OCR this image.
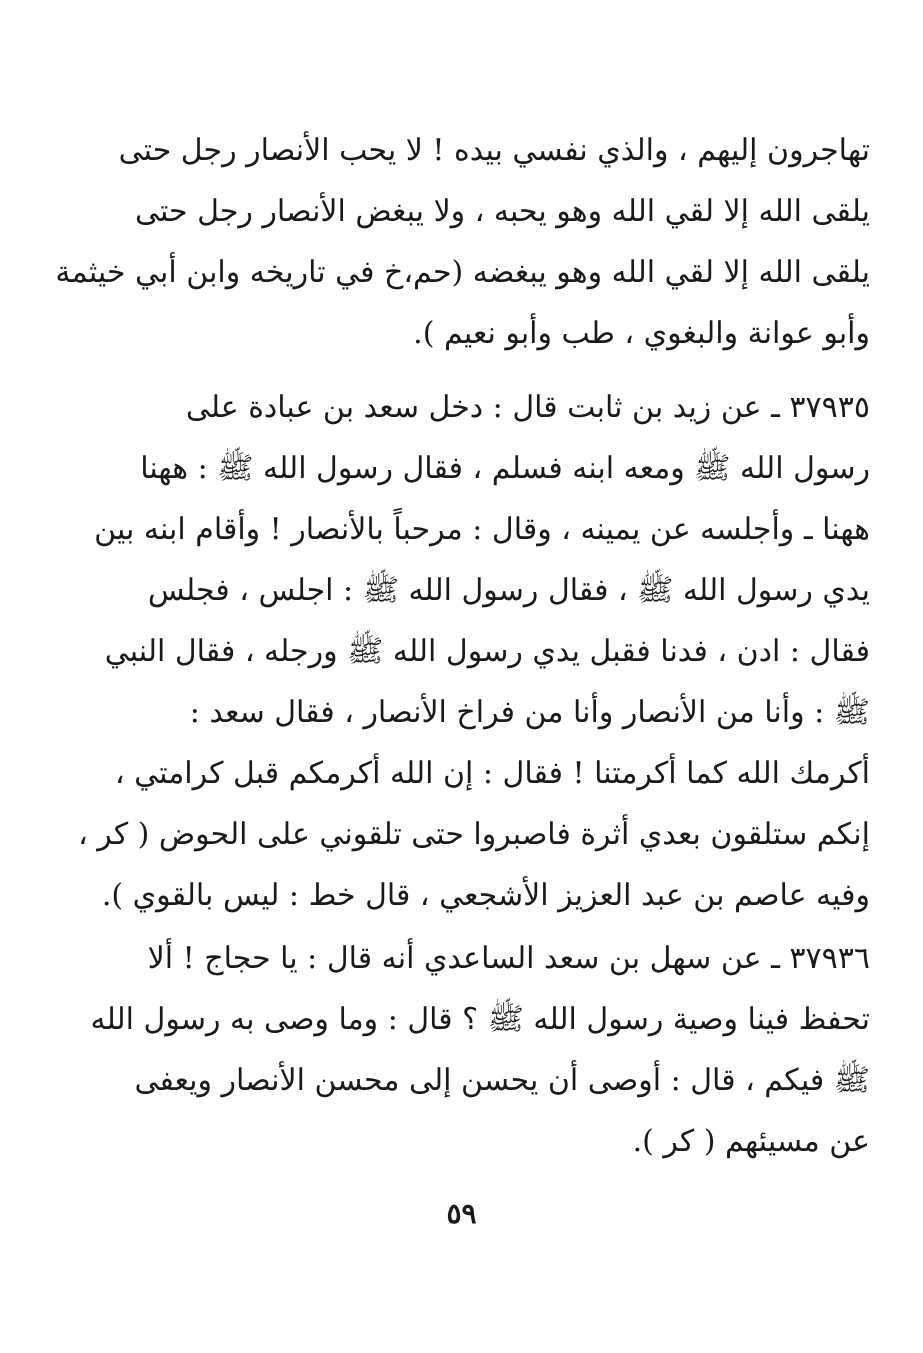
تهاجرون إليهم ، والذي نفسي بيده ! لا يحب الأنصار رجل حتى
يلقى الله إلا لقي الله وهو يحبه ، ولا يبغض الأنصار رجل حتى
يلقى الله إلا لقي الله وهو يبغضه (حم،خ في تاريخه وابن أبي خيثمة
وأبو عوانة والبغوي ، طب وأبو نعيم ).
٣٧٩٣٥ ـ عن زيد بن ثابت قال : دخل سعد بن عبادة على
رسول الله ﷺ ومعه ابنه فسلم ، فقال رسول الله ﷺ : ههنا
ههنا ـ وأجلسه عن يمينه ، وقال : مرحباً بالأنصار ! وأقام ابنه بين
يدي رسول الله ﷺ ، فقال رسول الله ﷺ : اجلس ، فجلس
فقال : ادن ، فدنا فقبل يدي رسول الله ﷺ ورجله ، فقال النبي
ﷺ : وأنا من الأنصار وأنا من فراخ الأنصار ، فقال سعد :
أكرمك الله كما أكرمتنا ! فقال : إن الله أكرمكم قبل كرامتي ،
إنكم ستلقون بعدي أثرة فاصبروا حتى تلقوني على الحوض ( كر ،
وفيه عاصم بن عبد العزيز الأشجعي ، قال خط : ليس بالقوي ).
٣٧٩٣٦ ـ عن سهل بن سعد الساعدي أنه قال : يا حجاج ! ألا
تحفظ فينا وصية رسول الله ﷺ ؟ قال : وما وصى به رسول الله
ﷺ فيكم ، قال : أوصى أن يحسن إلى محسن الأنصار ويعفى
عن مسيئهم ( كر ).
٥٩
